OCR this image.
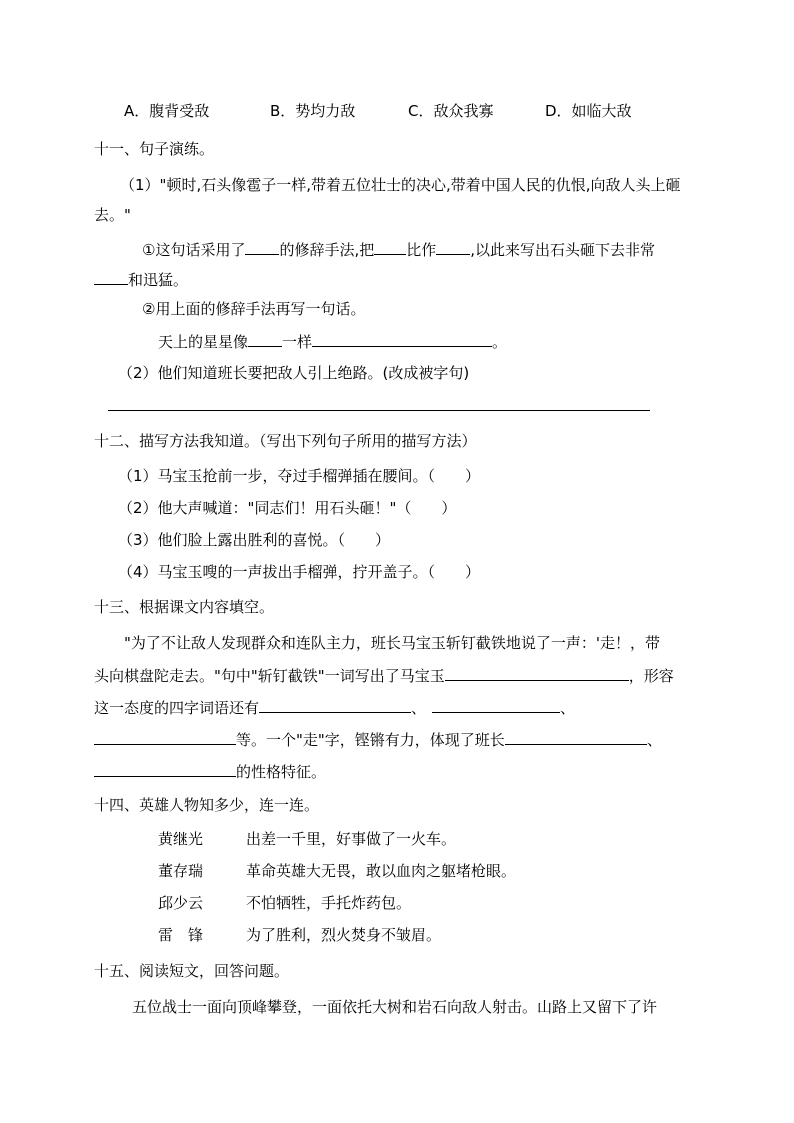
A．腹背受敌	B．势均力敌	C．敌众我寡	D．如临大敌
十一、句子演练。
（1）"顿时,石头像雹子一样,带着五位壮士的决心,带着中国人民的仇恨,向敌人头上砸
去。"
①这句话采用了 的修辞手法,把 比作 ,以此来写出石头砸下去非常
和迅猛。
②用上面的修辞手法再写一句话。
天上的星星像 一样	。
（2）他们知道班长要把敌人引上绝路。(改成被字句)
十二、描写方法我知道。（写出下列句子所用的描写方法）
（1）马宝玉抢前一步，夺过手榴弹插在腰间。（　　）
（2）他大声喊道："同志们！用石头砸！"（　　）
（3）他们脸上露出胜利的喜悦。（　　）
（4）马宝玉嗖的一声拔出手榴弹，拧开盖子。（　　）
十三、根据课文内容填空。
"为了不让敌人发现群众和连队主力，班长马宝玉斩钉截铁地说了一声：'走！，带
头向棋盘陀走去。"句中"斩钉截铁"一词写出了马宝玉	，形容
这一态度的四字词语还有	、	、
等。一个"走"字，铿锵有力，体现了班长	、
的性格特征。
十四、英雄人物知多少，连一连。
黄继光	出差一千里，好事做了一火车。
董存瑞	革命英雄大无畏，敢以血肉之躯堵枪眼。
邱少云	不怕牺牲，手托炸药包。
雷　锋	为了胜利，烈火焚身不皱眉。
十五、阅读短文，回答问题。
五位战士一面向顶峰攀登，一面依托大树和岩石向敌人射击。山路上又留下了许
